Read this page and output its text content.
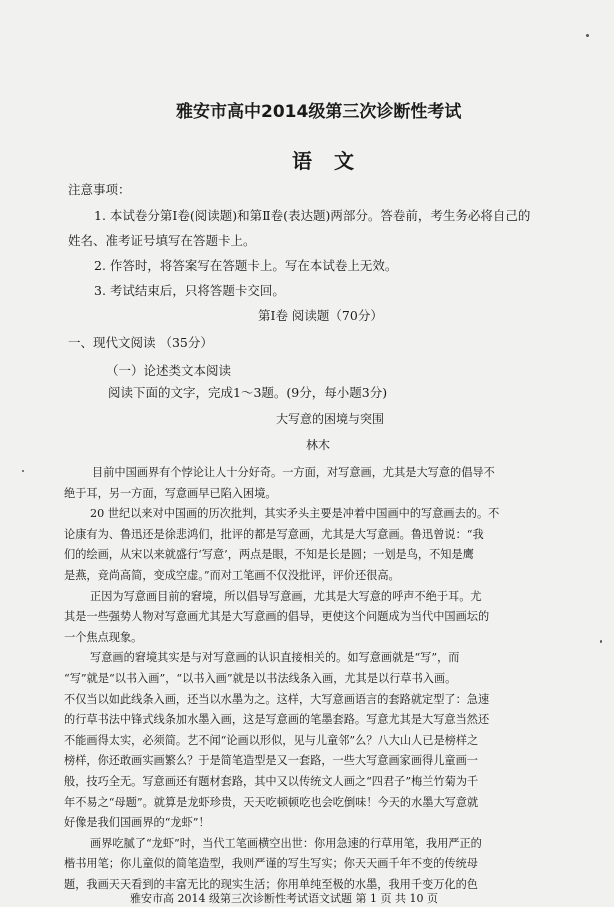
雅安市高中2014级第三次诊断性考试
语文
注意事项：
1. 本试卷分第Ⅰ卷(阅读题)和第Ⅱ卷(表达题)两部分。答卷前，考生务必将自己的
姓名、准考证号填写在答题卡上。
2. 作答时，将答案写在答题卡上。写在本试卷上无效。
3. 考试结束后，只将答题卡交回。
第Ⅰ卷 阅读题（70分）
一、现代文阅读 （35分）
（一）论述类文本阅读
阅读下面的文字，完成1～3题。(9分，每小题3分)
大写意的困境与突围
林木
目前中国画界有个悖论让人十分好奇。一方面，对写意画，尤其是大写意的倡导不
绝于耳，另一方面，写意画早已陷入困境。
20 世纪以来对中国画的历次批判，其实矛头主要是冲着中国画中的写意画去的。不
论康有为、鲁迅还是徐悲鸿们，批评的都是写意画，尤其是大写意画。鲁迅曾说：“我
们的绘画，从宋以来就盛行‘写意’，两点是眼，不知是长是圆；一划是鸟，不知是鹰
是燕，竞尚高简，变成空虚。”而对工笔画不仅没批评，评价还很高。
正因为写意画目前的窘境，所以倡导写意画，尤其是大写意的呼声不绝于耳。尤
其是一些强势人物对写意画尤其是大写意画的倡导，更使这个问题成为当代中国画坛的
一个焦点现象。
写意画的窘境其实是与对写意画的认识直接相关的。如写意画就是“写”，而
“写”就是“以书入画”，“以书入画”就是以书法线条入画，尤其是以行草书入画。
不仅当以如此线条入画，还当以水墨为之。这样，大写意画语言的套路就定型了：急速
的行草书法中锋式线条加水墨入画，这是写意画的笔墨套路。写意尤其是大写意当然还
不能画得太实，必须简。艺不闻“论画以形似，见与儿童邻”么？八大山人已是榜样之
榜样，你还敢画实画繁么？于是简笔造型是又一套路，一些大写意画家画得儿童画一
般，技巧全无。写意画还有题材套路，其中又以传统文人画之“四君子”梅兰竹菊为千
年不易之“母题”。就算是龙虾珍贵，天天吃顿顿吃也会吃倒味！今天的水墨大写意就
好像是我们国画界的“龙虾”！
画界吃腻了“龙虾”时，当代工笔画横空出世：你用急速的行草用笔，我用严正的
楷书用笔；你儿童似的简笔造型，我则严谨的写生写实；你天天画千年不变的传统母
题，我画天天看到的丰富无比的现实生活；你用单纯至极的水墨，我用千变万化的色
雅安市高 2014 级第三次诊断性考试语文试题 第 1 页 共 10 页
